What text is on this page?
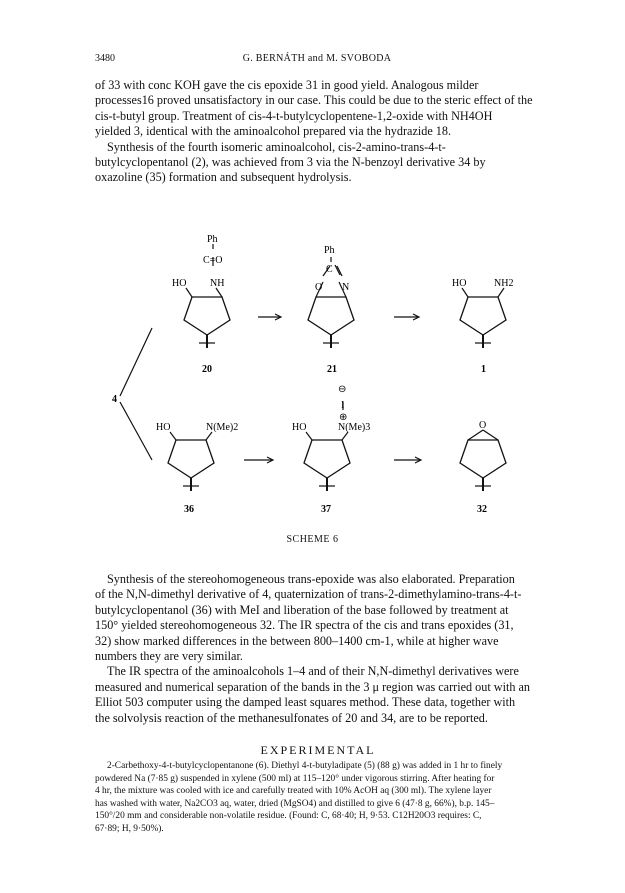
3480	G. BERNÁTH and M. SVOBODA
of 33 with conc KOH gave the cis epoxide 31 in good yield. Analogous milder
processes16 proved unsatisfactory in our case. This could be due to the steric effect of the
cis-t-butyl group. Treatment of cis-4-t-butylcyclopentene-1,2-oxide with NH4OH
yielded 3, identical with the aminoalcohol prepared via the hydrazide 18.
Synthesis of the fourth isomeric aminoalcohol, cis-2-amino-trans-4-t-
butylcyclopentanol (2), was achieved from 3 via the N-benzoyl derivative 34 by
oxazoline (35) formation and subsequent hydrolysis.
Ph
C=O
HO NH
20
Ph
C
O N
21
HO	NH2
1
4
HO	N(Me)2
36
⊖
I
⊕
HO	N(Me)3
37
O
32
SCHEME 6
Synthesis of the stereohomogeneous trans-epoxide was also elaborated. Preparation
of the N,N-dimethyl derivative of 4, quaternization of trans-2-dimethylamino-trans-4-t-
butylcyclopentanol (36) with MeI and liberation of the base followed by treatment at
150° yielded stereohomogeneous 32. The IR spectra of the cis and trans epoxides (31,
32) show marked differences in the between 800–1400 cm-1, while at higher wave
numbers they are very similar.
The IR spectra of the aminoalcohols 1–4 and of their N,N-dimethyl derivatives were
measured and numerical separation of the bands in the 3 μ region was carried out with an
Elliot 503 computer using the damped least squares method. These data, together with
the solvolysis reaction of the methanesulfonates of 20 and 34, are to be reported.
EXPERIMENTAL
2-Carbethoxy-4-t-butylcyclopentanone (6). Diethyl 4-t-butyladipate (5) (88 g) was added in 1 hr to finely
powdered Na (7·85 g) suspended in xylene (500 ml) at 115–120° under vigorous stirring. After heating for
4 hr, the mixture was cooled with ice and carefully treated with 10% AcOH aq (300 ml). The xylene layer
has washed with water, Na2CO3 aq, water, dried (MgSO4) and distilled to give 6 (47·8 g, 66%), b.p. 145–
150°/20 mm and considerable non-volatile residue. (Found: C, 68·40; H, 9·53. C12H20O3 requires: C,
67·89; H, 9·50%).
